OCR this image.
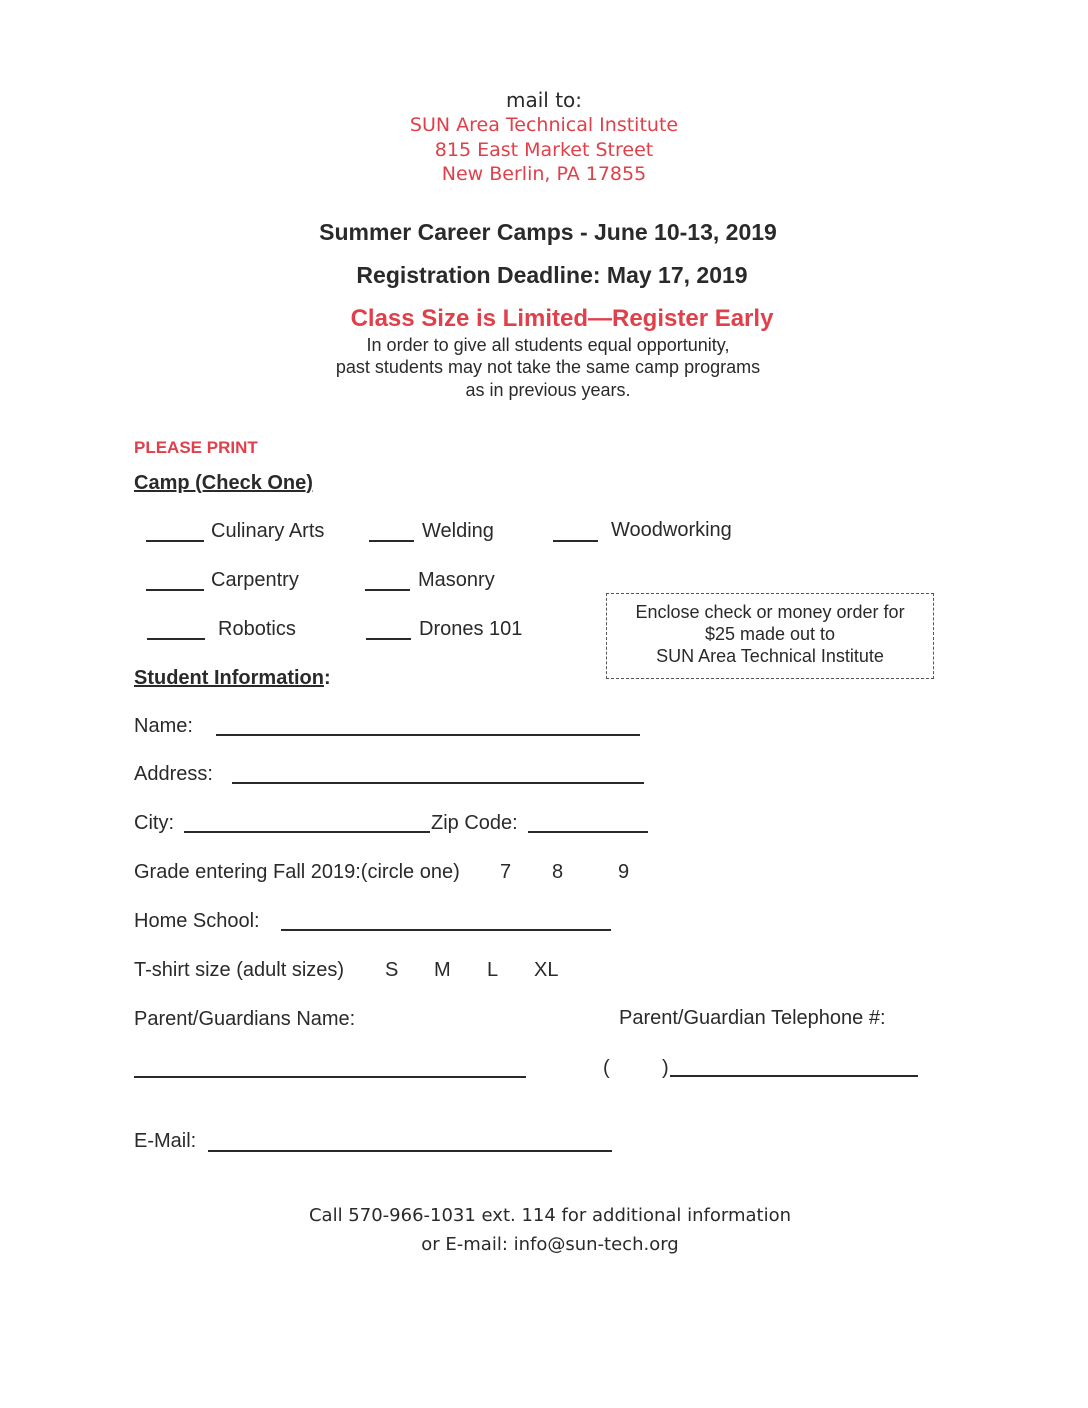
mail to:
SUN Area Technical Institute
815 East Market Street
New Berlin, PA 17855
Summer Career Camps - June 10-13, 2019
Registration Deadline: May 17, 2019
Class Size is Limited—Register Early
In order to give all students equal opportunity,
past students may not take the same camp programs
as in previous years.
PLEASE PRINT
Camp (Check One)
Culinary Arts	Welding	Woodworking
Carpentry	Masonry
Robotics	Drones 101
Enclose check or money order for
$25 made out to
SUN Area Technical Institute
Student Information:
Name:
Address:
City:	Zip Code:
Grade entering Fall 2019:(circle one) 7 8	9
Home School:
T-shirt size (adult sizes) S M L XL
Parent/Guardians Name:	Parent/Guardian Telephone #:
(	)
E-Mail:
Call 570-966-1031 ext. 114 for additional information
or E-mail: info@sun-tech.org
